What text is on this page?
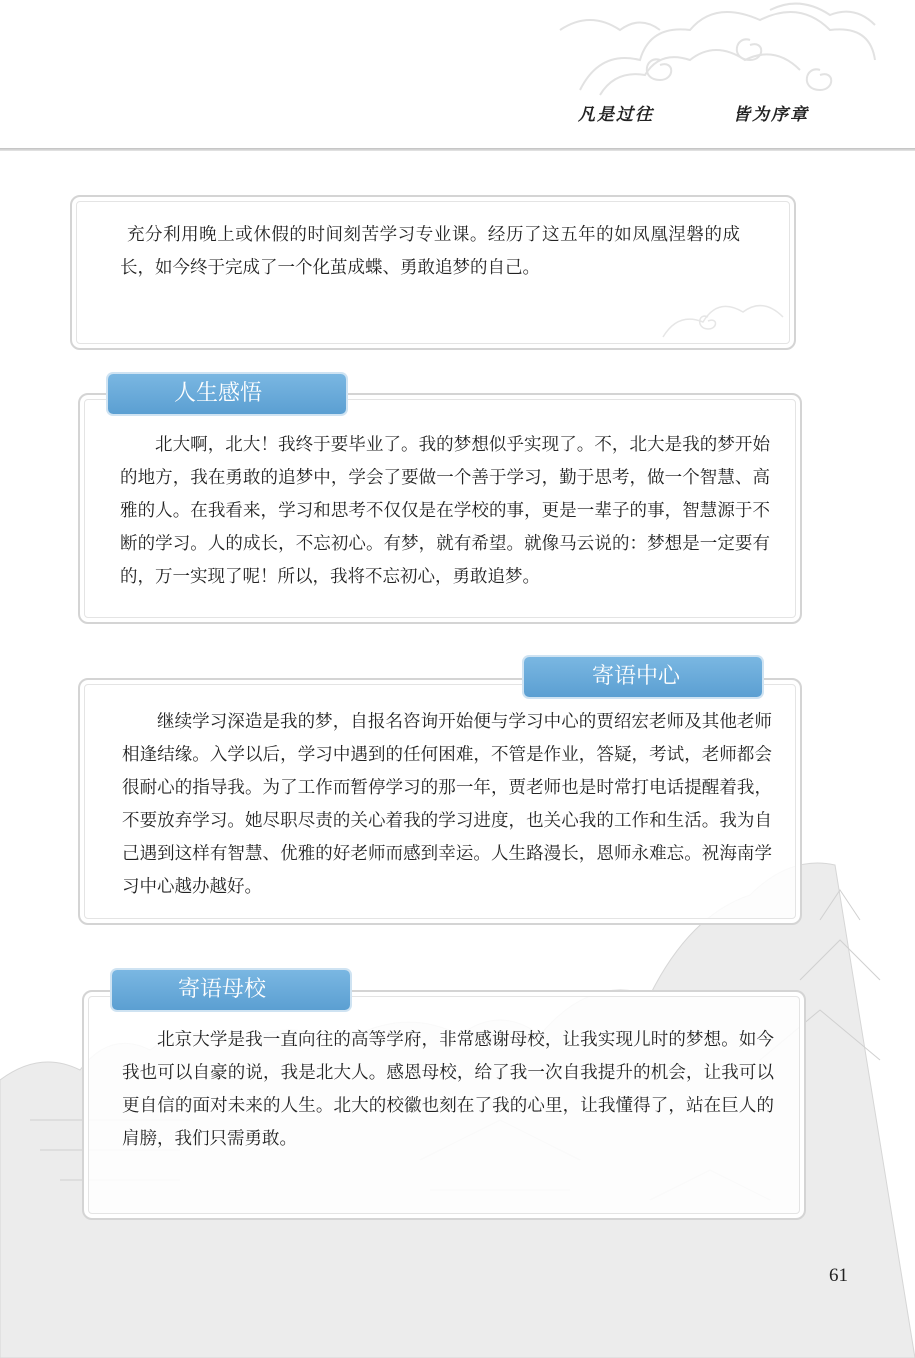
凡是过往	皆为序章

充分利用晚上或休假的时间刻苦学习专业课。经历了这五年的如凤凰涅磐的成长，如今终于完成了一个化茧成蝶、勇敢追梦的自己。

北大啊，北大！我终于要毕业了。我的梦想似乎实现了。不，北大是我的梦开始的地方，我在勇敢的追梦中，学会了要做一个善于学习，勤于思考，做一个智慧、高雅的人。在我看来，学习和思考不仅仅是在学校的事，更是一辈子的事，智慧源于不断的学习。人的成长，不忘初心。有梦，就有希望。就像马云说的：梦想是一定要有的，万一实现了呢！所以，我将不忘初心，勇敢追梦。

人生感悟

继续学习深造是我的梦，自报名咨询开始便与学习中心的贾绍宏老师及其他老师相逢结缘。入学以后，学习中遇到的任何困难，不管是作业，答疑，考试，老师都会很耐心的指导我。为了工作而暂停学习的那一年，贾老师也是时常打电话提醒着我，不要放弃学习。她尽职尽责的关心着我的学习进度，也关心我的工作和生活。我为自己遇到这样有智慧、优雅的好老师而感到幸运。人生路漫长，恩师永难忘。祝海南学习中心越办越好。

寄语中心

北京大学是我一直向往的高等学府，非常感谢母校，让我实现儿时的梦想。如今我也可以自豪的说，我是北大人。感恩母校，给了我一次自我提升的机会，让我可以更自信的面对未来的人生。北大的校徽也刻在了我的心里，让我懂得了，站在巨人的肩膀，我们只需勇敢。

寄语母校
61
